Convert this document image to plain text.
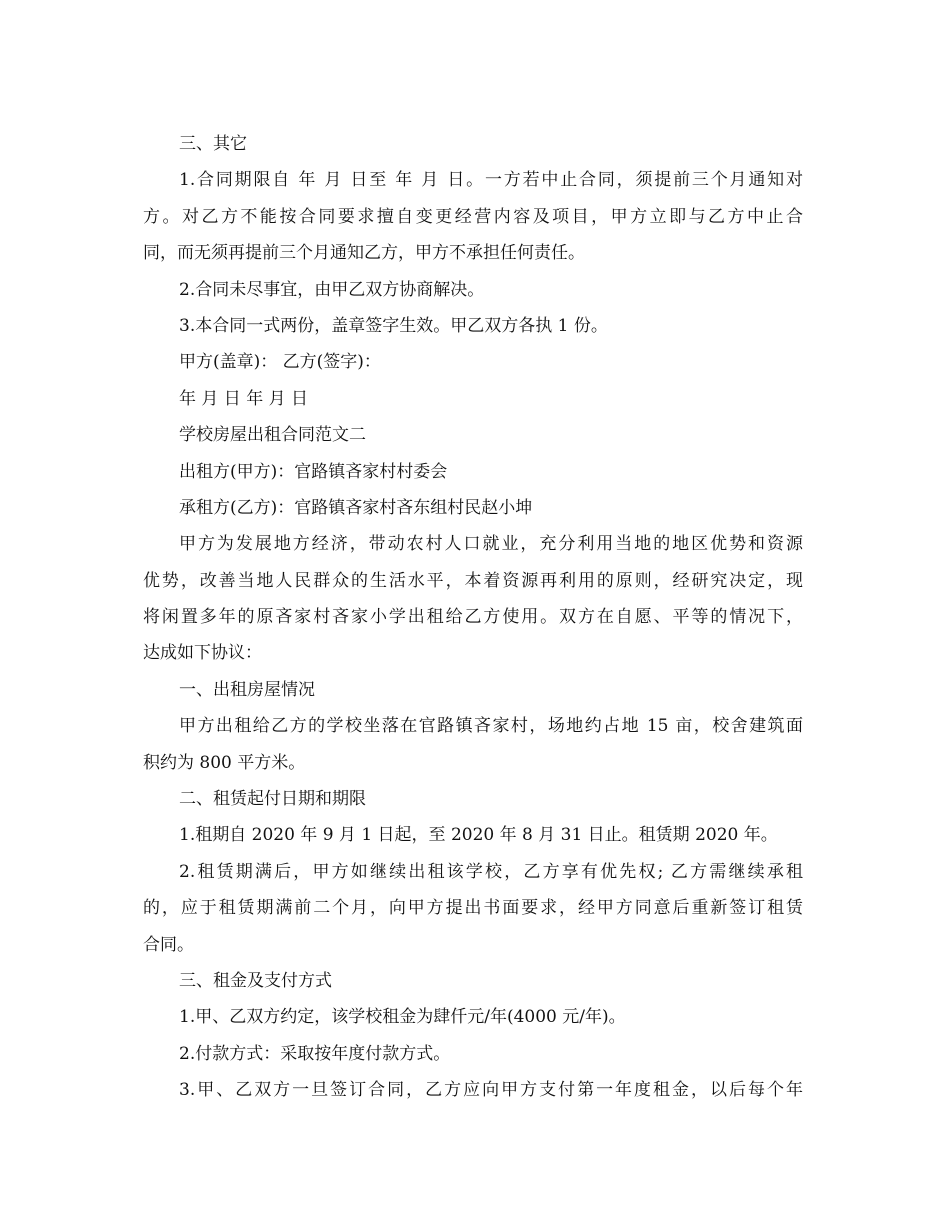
三、其它
1.合同期限自 年 月 日至 年 月 日。一方若中止合同，须提前三个月通知对
方。对乙方不能按合同要求擅自变更经营内容及项目，甲方立即与乙方中止合
同，而无须再提前三个月通知乙方，甲方不承担任何责任。
2.合同未尽事宜，由甲乙双方协商解决。
3.本合同一式两份，盖章签字生效。甲乙双方各执 1 份。
甲方(盖章)： 乙方(签字)：
年 月 日 年 月 日
学校房屋出租合同范文二
出租方(甲方)：官路镇吝家村村委会
承租方(乙方)：官路镇吝家村吝东组村民赵小坤
甲方为发展地方经济，带动农村人口就业，充分利用当地的地区优势和资源
优势，改善当地人民群众的生活水平，本着资源再利用的原则，经研究决定，现
将闲置多年的原吝家村吝家小学出租给乙方使用。双方在自愿、平等的情况下，
达成如下协议：
一、出租房屋情况
甲方出租给乙方的学校坐落在官路镇吝家村，场地约占地 15 亩，校舍建筑面
积约为 800 平方米。
二、租赁起付日期和期限
1.租期自 2020 年 9 月 1 日起，至 2020 年 8 月 31 日止。租赁期 2020 年。
2.租赁期满后，甲方如继续出租该学校，乙方享有优先权; 乙方需继续承租
的，应于租赁期满前二个月，向甲方提出书面要求，经甲方同意后重新签订租赁
合同。
三、租金及支付方式
1.甲、乙双方约定，该学校租金为肆仟元/年(4000 元/年)。
2.付款方式：采取按年度付款方式。
3.甲、乙双方一旦签订合同，乙方应向甲方支付第一年度租金，以后每个年
